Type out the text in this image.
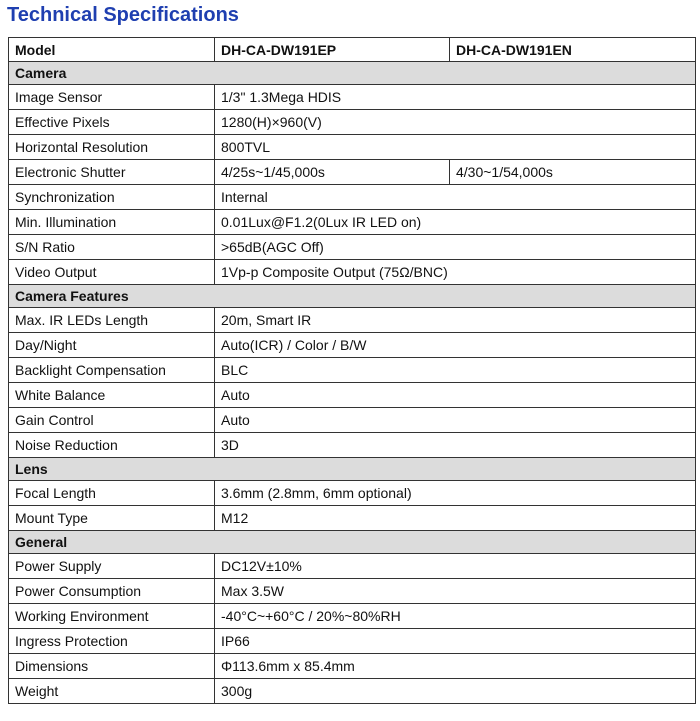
Technical Specifications
Model	DH-CA-DW191EP	DH-CA-DW191EN
Camera		
Image Sensor	1/3" 1.3Mega HDIS	
Effective Pixels	1280(H)×960(V)	
Horizontal Resolution	800TVL	
Electronic Shutter	4/25s~1/45,000s	4/30~1/54,000s
Synchronization	Internal	
Min. Illumination	0.01Lux@F1.2(0Lux IR LED on)	
S/N Ratio	>65dB(AGC Off)	
Video Output	1Vp-p Composite Output (75Ω/BNC)	
Camera Features		
Max. IR LEDs Length	20m, Smart IR	
Day/Night	Auto(ICR) / Color / B/W	
Backlight Compensation	BLC	
White Balance	Auto	
Gain Control	Auto	
Noise Reduction	3D	
Lens		
Focal Length	3.6mm (2.8mm, 6mm optional)	
Mount Type	M12	
General		
Power Supply	DC12V±10%	
Power Consumption	Max 3.5W	
Working Environment	-40°C~+60°C / 20%~80%RH	
Ingress Protection	IP66	
Dimensions	Φ113.6mm x 85.4mm	
Weight	300g	
